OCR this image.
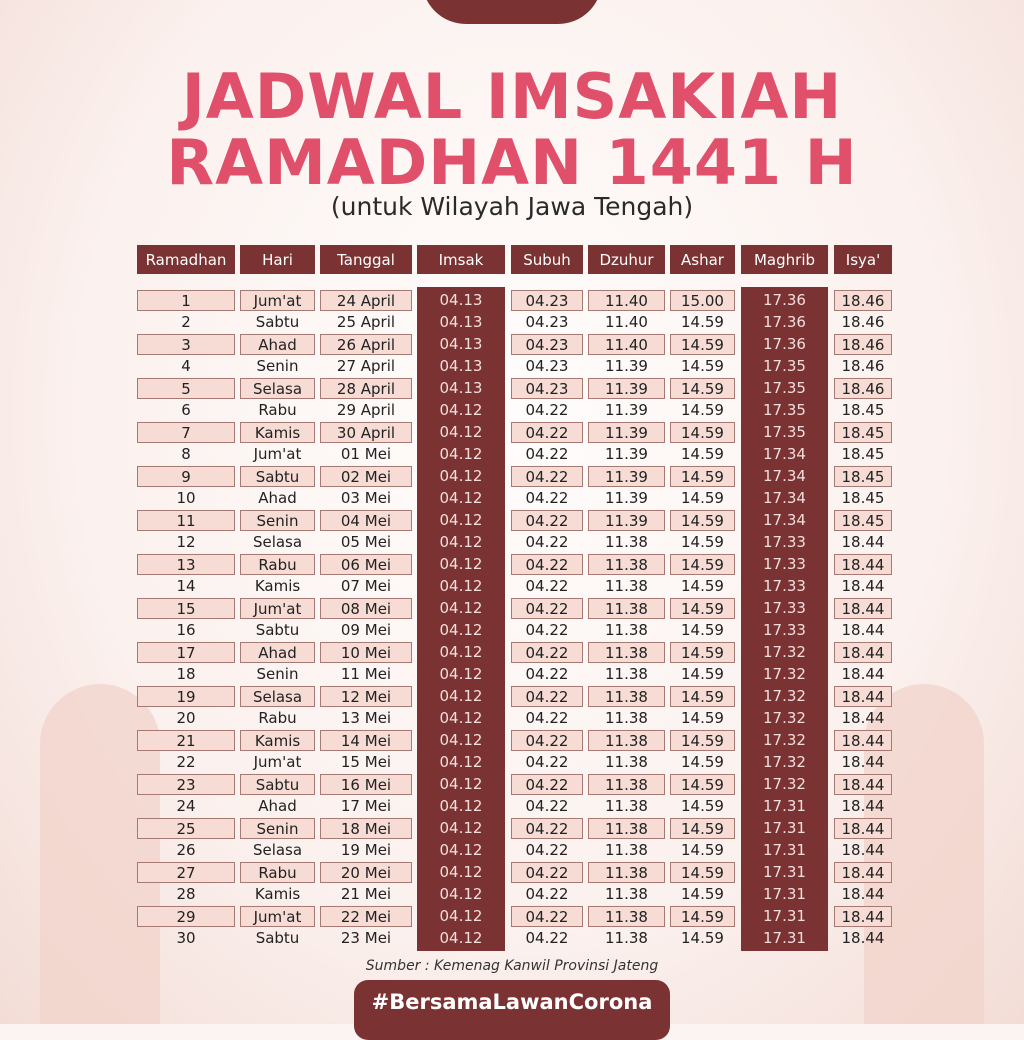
JADWAL IMSAKIAH
RAMADHAN 1441 H
(untuk Wilayah Jawa Tengah)
Ramadhan	Hari	Tanggal	Imsak	Subuh	Dzuhur	Ashar	Maghrib	Isya'
1	Jum'at	24 April	04.13	04.23	11.40	15.00	17.36	18.46
2	Sabtu	25 April	04.13	04.23	11.40	14.59	17.36	18.46
3	Ahad	26 April	04.13	04.23	11.40	14.59	17.36	18.46
4	Senin	27 April	04.13	04.23	11.39	14.59	17.35	18.46
5	Selasa	28 April	04.13	04.23	11.39	14.59	17.35	18.46
6	Rabu	29 April	04.12	04.22	11.39	14.59	17.35	18.45
7	Kamis	30 April	04.12	04.22	11.39	14.59	17.35	18.45
8	Jum'at	01 Mei	04.12	04.22	11.39	14.59	17.34	18.45
9	Sabtu	02 Mei	04.12	04.22	11.39	14.59	17.34	18.45
10	Ahad	03 Mei	04.12	04.22	11.39	14.59	17.34	18.45
11	Senin	04 Mei	04.12	04.22	11.39	14.59	17.34	18.45
12	Selasa	05 Mei	04.12	04.22	11.38	14.59	17.33	18.44
13	Rabu	06 Mei	04.12	04.22	11.38	14.59	17.33	18.44
14	Kamis	07 Mei	04.12	04.22	11.38	14.59	17.33	18.44
15	Jum'at	08 Mei	04.12	04.22	11.38	14.59	17.33	18.44
16	Sabtu	09 Mei	04.12	04.22	11.38	14.59	17.33	18.44
17	Ahad	10 Mei	04.12	04.22	11.38	14.59	17.32	18.44
18	Senin	11 Mei	04.12	04.22	11.38	14.59	17.32	18.44
19	Selasa	12 Mei	04.12	04.22	11.38	14.59	17.32	18.44
20	Rabu	13 Mei	04.12	04.22	11.38	14.59	17.32	18.44
21	Kamis	14 Mei	04.12	04.22	11.38	14.59	17.32	18.44
22	Jum'at	15 Mei	04.12	04.22	11.38	14.59	17.32	18.44
23	Sabtu	16 Mei	04.12	04.22	11.38	14.59	17.32	18.44
24	Ahad	17 Mei	04.12	04.22	11.38	14.59	17.31	18.44
25	Senin	18 Mei	04.12	04.22	11.38	14.59	17.31	18.44
26	Selasa	19 Mei	04.12	04.22	11.38	14.59	17.31	18.44
27	Rabu	20 Mei	04.12	04.22	11.38	14.59	17.31	18.44
28	Kamis	21 Mei	04.12	04.22	11.38	14.59	17.31	18.44
29	Jum'at	22 Mei	04.12	04.22	11.38	14.59	17.31	18.44
30	Sabtu	23 Mei	04.12	04.22	11.38	14.59	17.31	18.44
Sumber : Kemenag Kanwil Provinsi Jateng
#BersamaLawanCorona
